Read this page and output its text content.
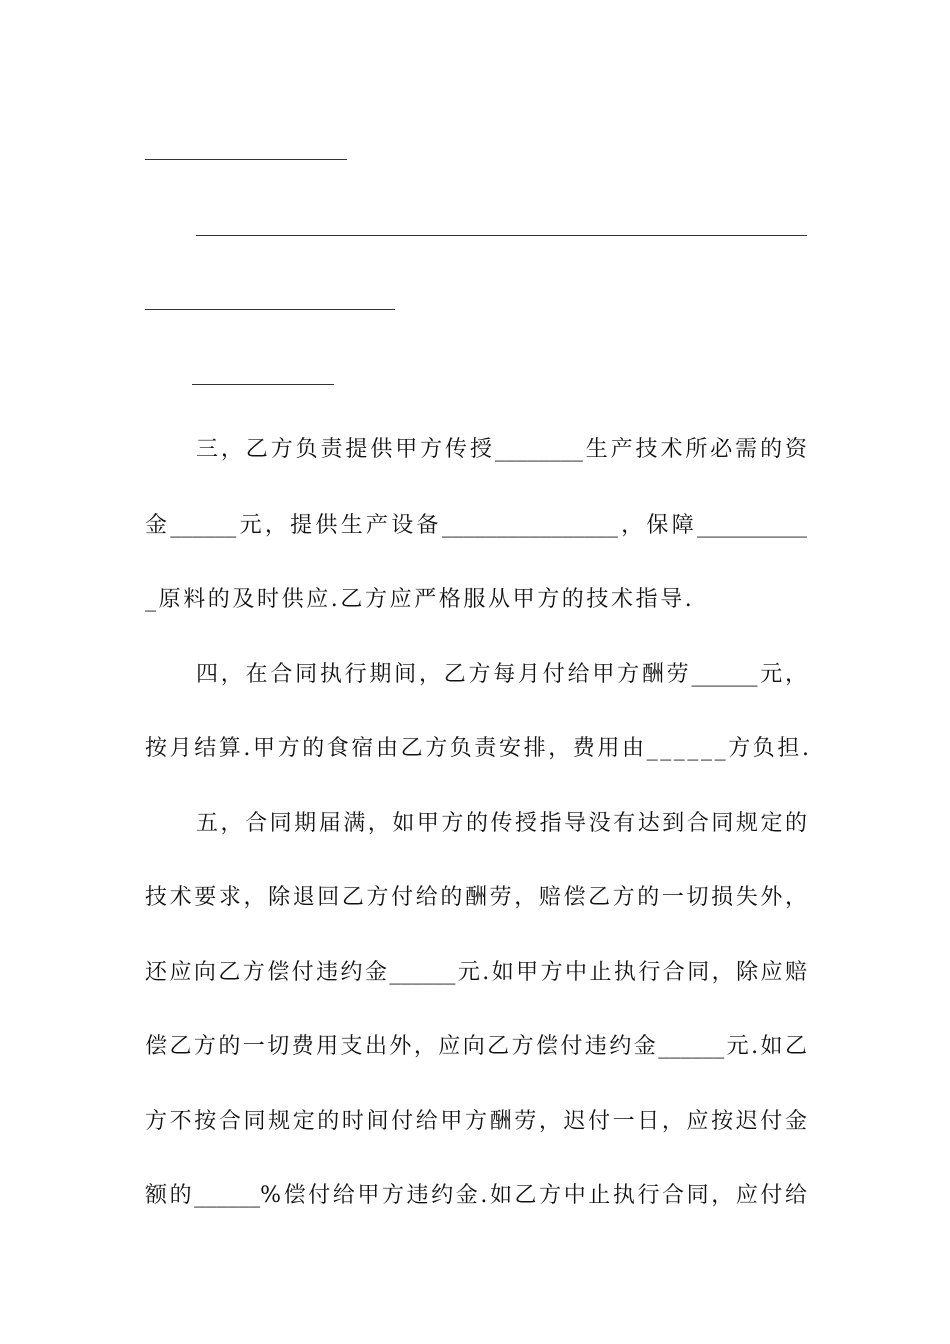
三，乙方负责提供甲方传授________生产技术所必需的资
金______元，提供生产设备________________，保障__________
_原料的及时供应.乙方应严格服从甲方的技术指导.
四，在合同执行期间，乙方每月付给甲方酬劳______元，
按月结算.甲方的食宿由乙方负责安排，费用由______方负担.
五，合同期届满，如甲方的传授指导没有达到合同规定的
技术要求，除退回乙方付给的酬劳，赔偿乙方的一切损失外，
还应向乙方偿付违约金______元.如甲方中止执行合同，除应赔
偿乙方的一切费用支出外，应向乙方偿付违约金______元.如乙
方不按合同规定的时间付给甲方酬劳，迟付一日，应按迟付金
额的______%偿付给甲方违约金.如乙方中止执行合同，应付给
